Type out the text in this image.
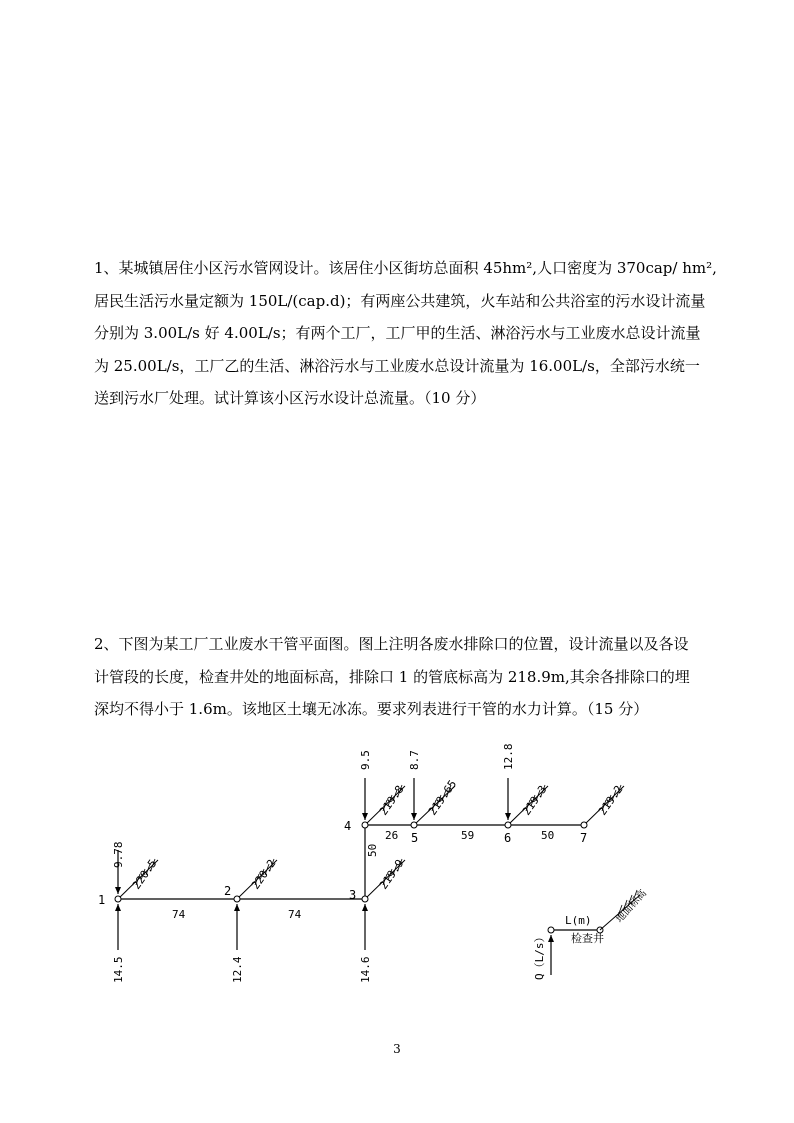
1、某城镇居住小区污水管网设计。该居住小区街坊总面积 45hm²,人口密度为 370cap/ hm²,
居民生活污水量定额为 150L/(cap.d)；有两座公共建筑，火车站和公共浴室的污水设计流量
分别为 3.00L/s 好 4.00L/s；有两个工厂，工厂甲的生活、淋浴污水与工业废水总设计流量
为 25.00L/s，工厂乙的生活、淋浴污水与工业废水总设计流量为 16.00L/s，全部污水统一
送到污水厂处理。试计算该小区污水设计总流量。（10 分）
2、下图为某工厂工业废水干管平面图。图上注明各废水排除口的位置，设计流量以及各设
计管段的长度，检查井处的地面标高，排除口 1 的管底标高为 218.9m,其余各排除口的埋
深均不得小于 1.6m。该地区土壤无冰冻。要求列表进行干管的水力计算。（15 分）
1
2	3
4
5	6	7
74	74
50
26	59	50
220.5	220.2	219.9
219.8 219.65	219.3	219.2
9.78
14.5	12.4	14.6
9.5	8.7	12.8
Q（L/s）
L(m)
检查井
地面标高
3
